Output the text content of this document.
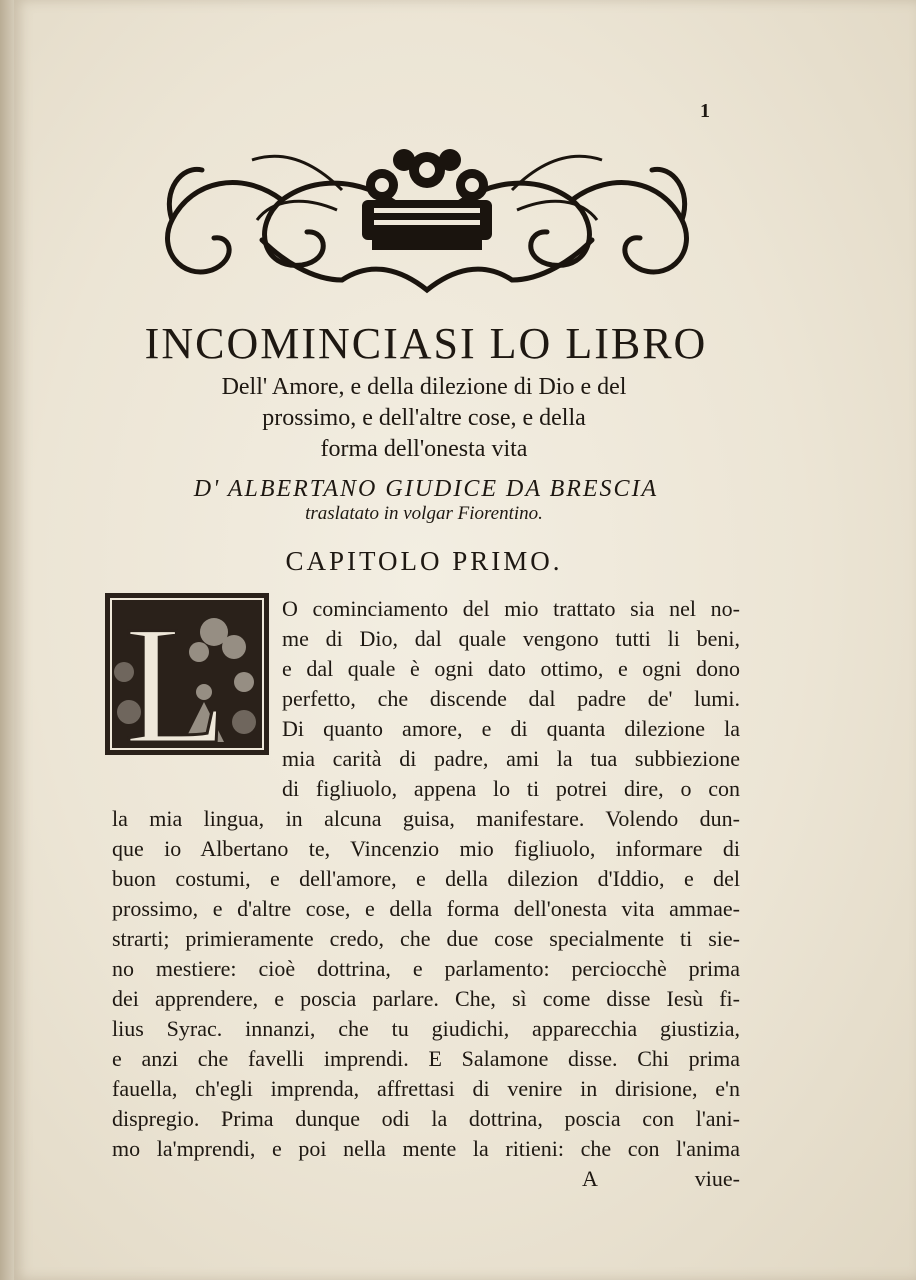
1
INCOMINCIASI LO LIBRO
Dell' Amore, e della dilezione di Dio e del
prossimo, e dell'altre cose, e della
forma dell'onesta vita
D' ALBERTANO GIUDICE DA BRESCIA
traslatato in volgar Fiorentino.
CAPITOLO PRIMO.
L O cominciamento del mio trattato sia nel no-
me di Dio, dal quale vengono tutti li beni,
e dal quale è ogni dato ottimo, e ogni dono
perfetto, che discende dal padre de' lumi.
Di quanto amore, e di quanta dilezione la
mia carità di padre, ami la tua subbiezione
di figliuolo, appena lo ti potrei dire, o con
la mia lingua, in alcuna guisa, manifestare. Volendo dun-
que io Albertano te, Vincenzio mio figliuolo, informare di
buon costumi, e dell'amore, e della dilezion d'Iddio, e del
prossimo, e d'altre cose, e della forma dell'onesta vita ammae-
strarti; primieramente credo, che due cose specialmente ti sie-
no mestiere: cioè dottrina, e parlamento: perciocchè prima
dei apprendere, e poscia parlare. Che, sì come disse Iesù fi-
lius Syrac. innanzi, che tu giudichi, apparecchia giustizia,
e anzi che favelli imprendi. E Salamone disse. Chi prima
fauella, ch'egli imprenda, affrettasi di venire in dirisione, e'n
dispregio. Prima dunque odi la dottrina, poscia con l'ani-
mo la'mprendi, e poi nella mente la ritieni: che con l'anima
A	viue-
